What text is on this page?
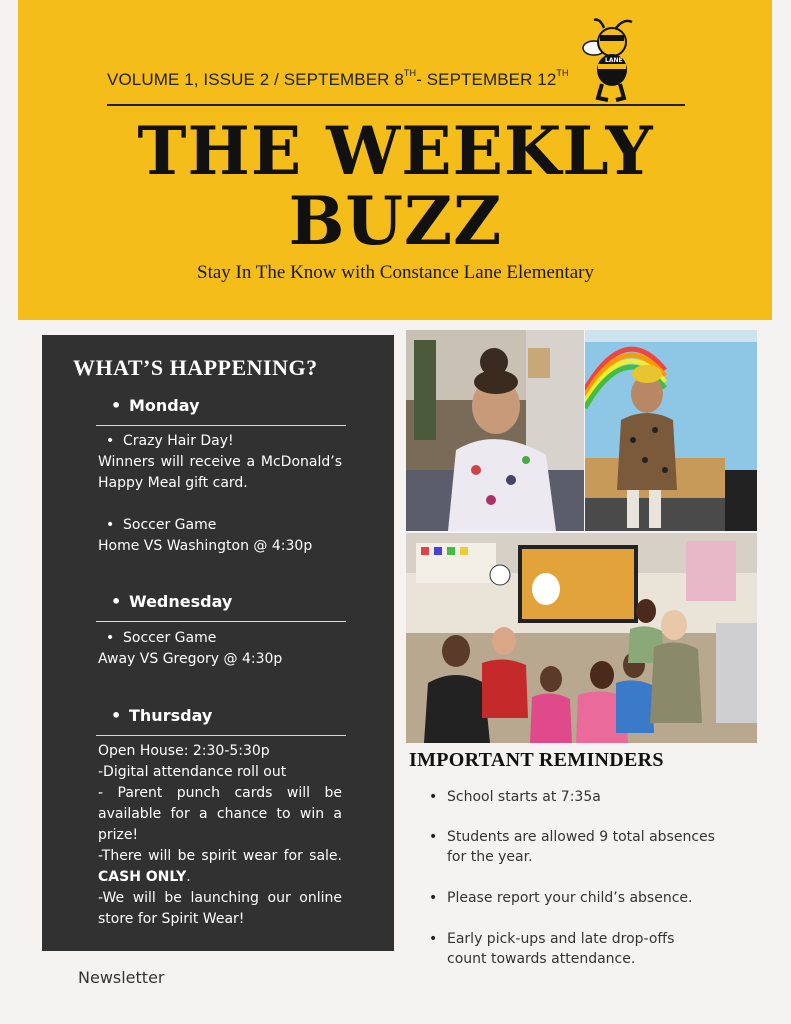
VOLUME 1, ISSUE 2 / SEPTEMBER 8TH- SEPTEMBER 12TH
LANE
THE WEEKLY
BUZZ
Stay In The Know with Constance Lane Elementary
WHAT’S HAPPENING?
• Monday
• Crazy Hair Day!
Winners will receive a McDonald’s Happy Meal gift card.
• Soccer Game
Home VS Washington @ 4:30p
• Wednesday
• Soccer Game
Away VS Gregory @ 4:30p
• Thursday
Open House: 2:30-5:30p
-Digital attendance roll out
- Parent punch cards will be available for a chance to win a prize!
-There will be spirit wear for sale. CASH ONLY.
-We will be launching our online store for Spirit Wear!
IMPORTANT REMINDERS
• School starts at 7:35a
• Students are allowed 9 total absences for the year.
• Please report your child’s absence.
• Early pick-ups and late drop-offs count towards attendance.
Newsletter
